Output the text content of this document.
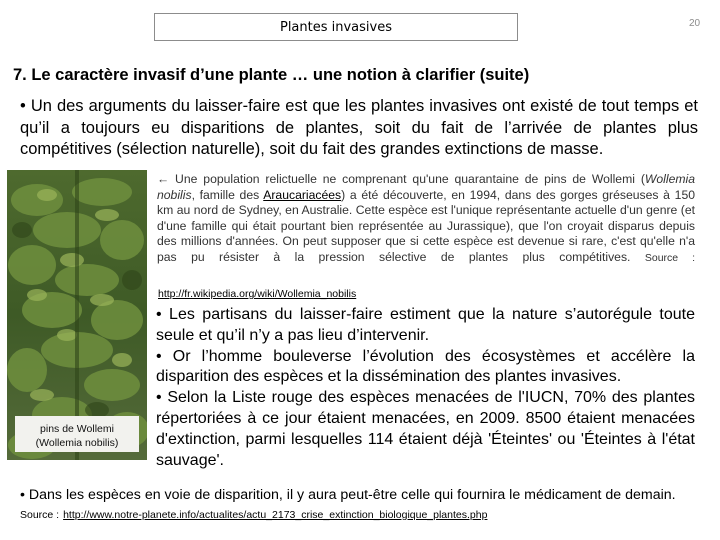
Plantes invasives	20
7. Le caractère invasif d’une plante … une notion à clarifier (suite)
• Un des arguments du laisser-faire est que les plantes invasives ont existé de tout temps et qu’il a toujours eu disparitions de plantes, soit du fait de l’arrivée de plantes plus compétitives (sélection naturelle), soit du fait des grandes extinctions de masse.
pins de Wollemi (Wollemia nobilis)
← Une population relictuelle ne comprenant qu'une quarantaine de pins de Wollemi (Wollemia nobilis, famille des Araucariacées) a été découverte, en 1994, dans des gorges gréseuses à 150 km au nord de Sydney, en Australie. Cette espèce est l'unique représentante actuelle d'un genre (et d'une famille qui était pourtant bien représentée au Jurassique), que l'on croyait disparus depuis des millions d'années. On peut supposer que si cette espèce est devenue si rare, c'est qu'elle n'a pas pu résister à la pression sélective de plantes plus compétitives. Source :
http://fr.wikipedia.org/wiki/Wollemia_nobilis

• Les partisans du laisser-faire estiment que la nature s’autorégule toute seule et qu’il n’y a pas lieu d’intervenir.

• Or l’homme bouleverse l’évolution des écosystèmes et accélère la disparition des espèces et la dissémination des plantes invasives.

• Selon la Liste rouge des espèces menacées de l'IUCN, 70% des plantes répertoriées à ce jour étaient menacées, en 2009. 8500 étaient menacées d'extinction, parmi lesquelles 114 étaient déjà 'Éteintes' ou 'Éteintes à l'état sauvage'.

• Dans les espèces en voie de disparition, il y aura peut-être celle qui fournira le médicament de demain. Source : http://www.notre-planete.info/actualites/actu_2173_crise_extinction_biologique_plantes.php
